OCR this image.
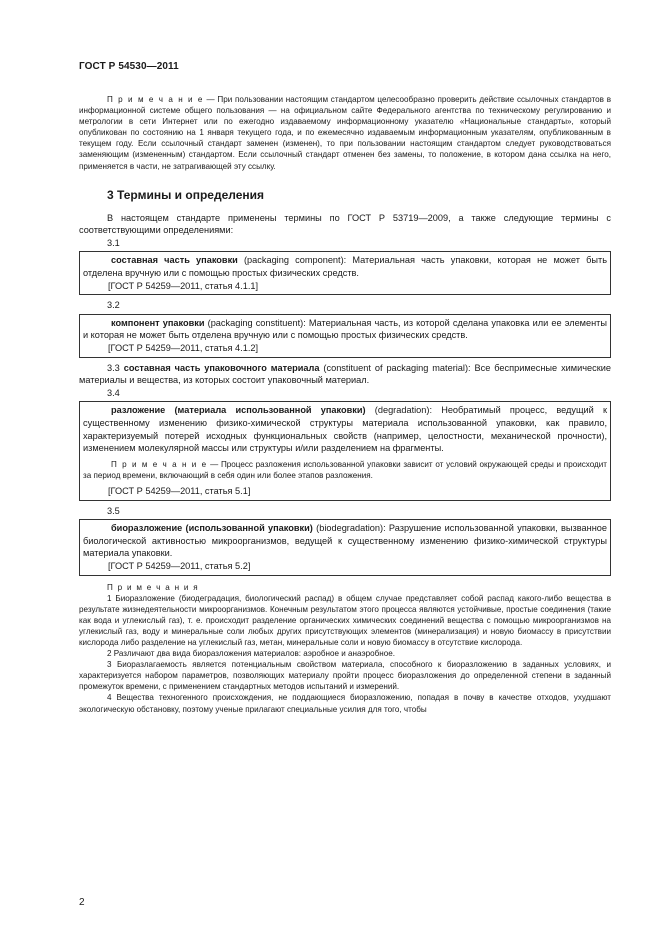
ГОСТ Р 54530—2011

П р и м е ч а н и е — При пользовании настоящим стандартом целесообразно проверить действие ссылочных стандартов в информационной системе общего пользования — на официальном сайте Федерального агентства по техническому регулированию и метрологии в сети Интернет или по ежегодно издаваемому информационному указателю «Национальные стандарты», который опубликован по состоянию на 1 января текущего года, и по ежемесячно издаваемым информационным указателям, опубликованным в текущем году. Если ссылочный стандарт заменен (изменен), то при пользовании настоящим стандартом следует руководствоваться заменяющим (измененным) стандартом. Если ссылочный стандарт отменен без замены, то положение, в котором дана ссылка на него, применяется в части, не затрагивающей эту ссылку.

3 Термины и определения

В настоящем стандарте применены термины по ГОСТ Р 53719—2009, а также следующие термины с соответствующими определениями:

3.1

составная часть упаковки (packaging component): Материальная часть упаковки, которая не может быть отделена вручную или с помощью простых физических средств.

[ГОСТ Р 54259—2011, статья 4.1.1]

3.2

компонент упаковки (packaging constituent): Материальная часть, из которой сделана упаковка или ее элементы и которая не может быть отделена вручную или с помощью простых физических средств.

[ГОСТ Р 54259—2011, статья 4.1.2]

3.3 составная часть упаковочного материала (constituent of packaging material): Все беспримесные химические материалы и вещества, из которых состоит упаковочный материал.

3.4

разложение (материала использованной упаковки) (degradation): Необратимый процесс, ведущий к существенному изменению физико-химической структуры материала использованной упаковки, как правило, характеризуемый потерей исходных функциональных свойств (например, целостности, механической прочности), изменением молекулярной массы или структуры и/или разделением на фрагменты.

П р и м е ч а н и е — Процесс разложения использованной упаковки зависит от условий окружающей среды и происходит за период времени, включающий в себя один или более этапов разложения.

[ГОСТ Р 54259—2011, статья 5.1]

3.5

биоразложение (использованной упаковки) (biodegradation): Разрушение использованной упаковки, вызванное биологической активностью микроорганизмов, ведущей к существенному изменению физико-химической структуры материала упаковки.

[ГОСТ Р 54259—2011, статья 5.2]

П р и м е ч а н и я

1 Биоразложение (биодеградация, биологический распад) в общем случае представляет собой распад какого-либо вещества в результате жизнедеятельности микроорганизмов. Конечным результатом этого процесса являются устойчивые, простые соединения (такие как вода и углекислый газ), т. е. происходит разделение органических химических соединений вещества с помощью микроорганизмов на углекислый газ, воду и минеральные соли любых других присутствующих элементов (минерализация) и новую биомассу в присутствии кислорода либо разделение на углекислый газ, метан, минеральные соли и новую биомассу в отсутствие кислорода.

2 Различают два вида биоразложения материалов: аэробное и анаэробное.

3 Биоразлагаемость является потенциальным свойством материала, способного к биоразложению в заданных условиях, и характеризуется набором параметров, позволяющих материалу пройти процесс биоразложения до определенной степени в заданный промежуток времени, с применением стандартных методов испытаний и измерений.

4 Вещества техногенного происхождения, не поддающиеся биоразложению, попадая в почву в качестве отходов, ухудшают экологическую обстановку, поэтому ученые прилагают специальные усилия для того, чтобы

2
